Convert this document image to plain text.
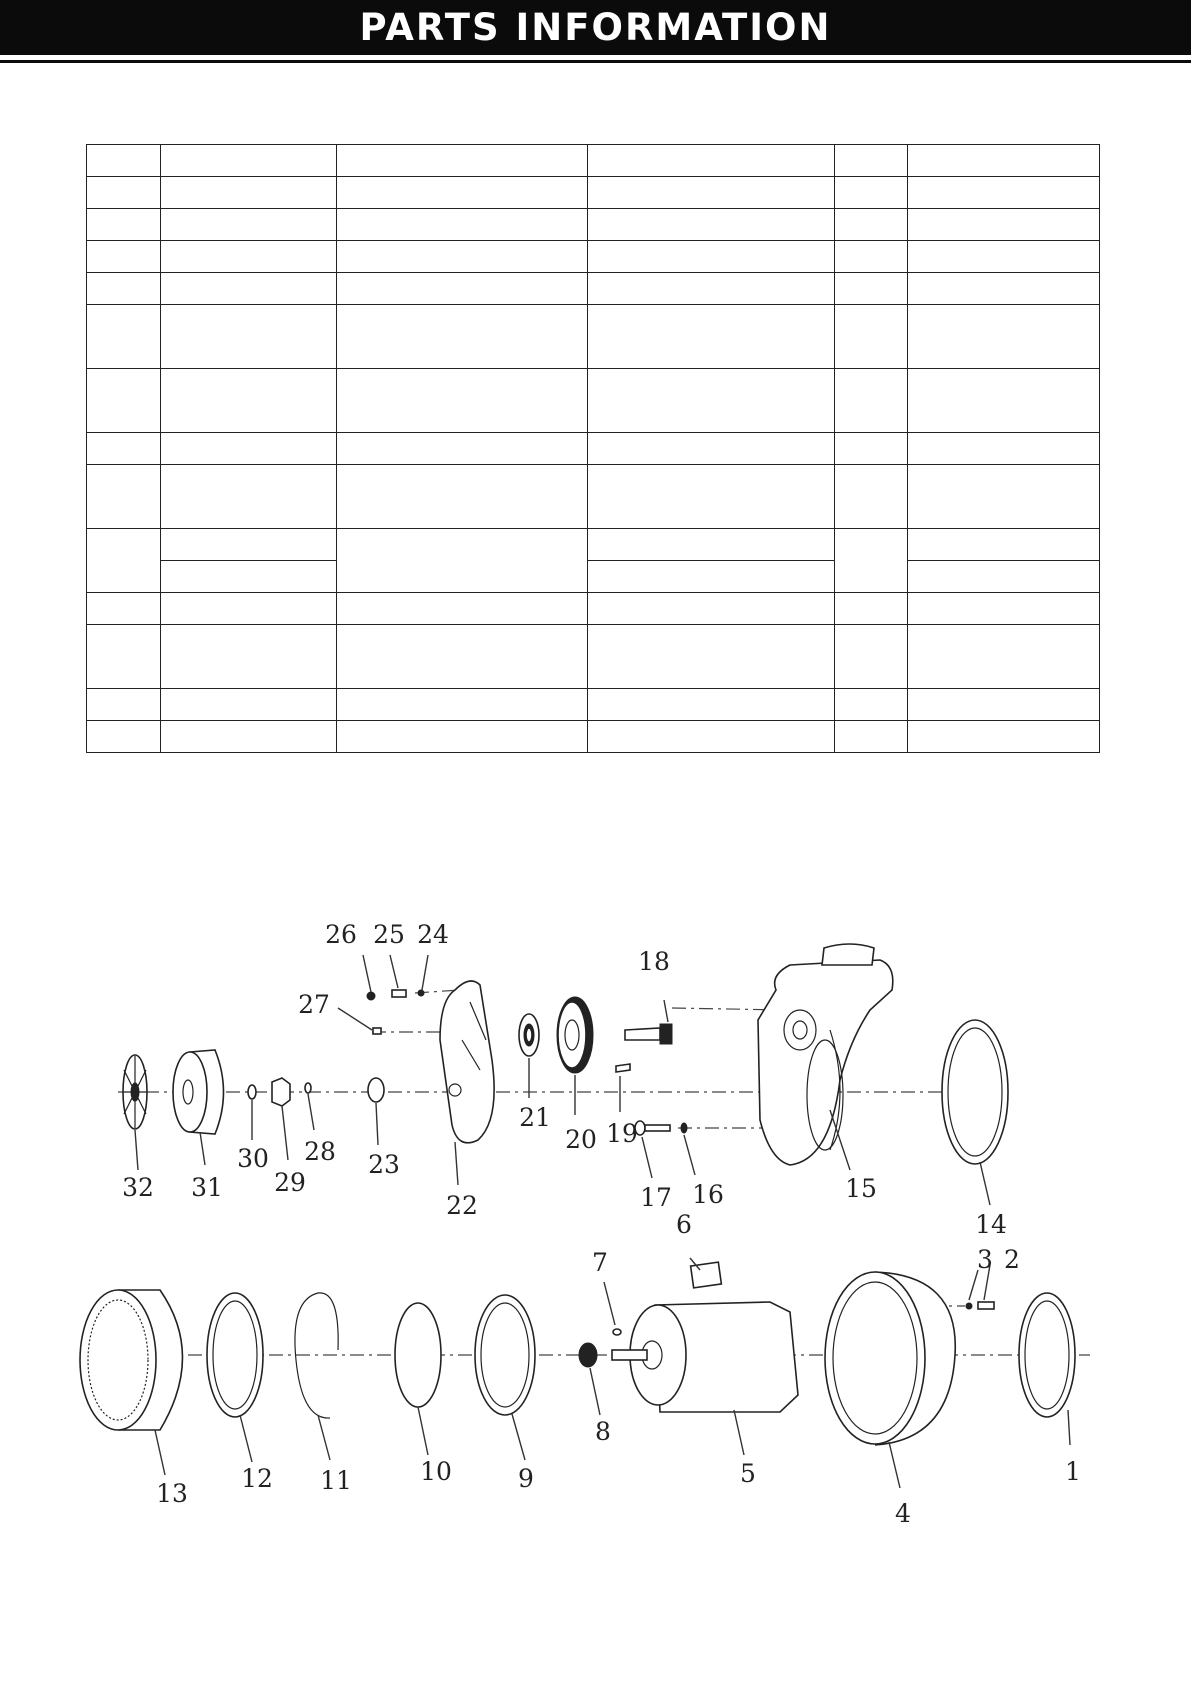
PARTS INFORMATION

1
2
3
4
5
6
7
8
9
10
11
12
13
14
15
16
17
18
19
20
21
22
23
24
25
26
27
28
29
30
31
32
